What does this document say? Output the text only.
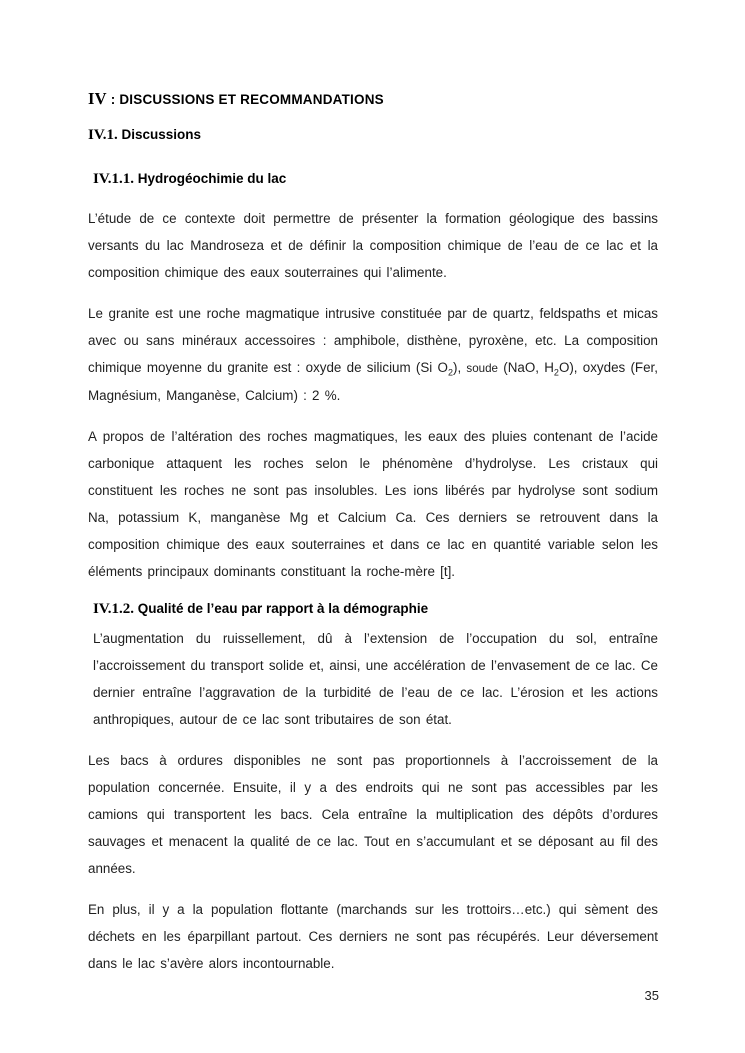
IV : DISCUSSIONS ET RECOMMANDATIONS
IV.1. Discussions
IV.1.1. Hydrogéochimie du lac

L’étude de ce contexte doit permettre de présenter la formation géologique des bassins versants du lac Mandroseza et de définir la composition chimique de l’eau de ce lac et la composition chimique des eaux souterraines qui l’alimente.

Le granite est une roche magmatique intrusive constituée par de quartz, feldspaths et micas avec ou sans minéraux accessoires : amphibole, disthène, pyroxène, etc. La composition chimique moyenne du granite est : oxyde de silicium (Si $O_2$), soude (NaO, $H_2O$), oxydes (Fer, Magnésium, Manganèse, Calcium) : 2 %.

A propos de l’altération des roches magmatiques, les eaux des pluies contenant de l’acide carbonique attaquent les roches selon le phénomène d’hydrolyse. Les cristaux qui constituent les roches ne sont pas insolubles. Les ions libérés par hydrolyse sont sodium Na, potassium K, manganèse Mg et Calcium Ca. Ces derniers se retrouvent dans la composition chimique des eaux souterraines et dans ce lac en quantité variable selon les éléments principaux dominants constituant la roche-mère [t].

IV.1.2. Qualité de l’eau par rapport à la démographie

L’augmentation du ruissellement, dû à l’extension de l’occupation du sol, entraîne l’accroissement du transport solide et, ainsi, une accélération de l’envasement de ce lac. Ce dernier entraîne l’aggravation de la turbidité de l’eau de ce lac. L’érosion et les actions anthropiques, autour de ce lac sont tributaires de son état.

Les bacs à ordures disponibles ne sont pas proportionnels à l’accroissement de la population concernée. Ensuite, il y a des endroits qui ne sont pas accessibles par les camions qui transportent les bacs. Cela entraîne la multiplication des dépôts d’ordures sauvages et menacent la qualité de ce lac. Tout en s’accumulant et se déposant au fil des années.

En plus, il y a la population flottante (marchands sur les trottoirs…etc.) qui sèment des déchets en les éparpillant partout. Ces derniers ne sont pas récupérés. Leur déversement dans le lac s’avère alors incontournable.

35
